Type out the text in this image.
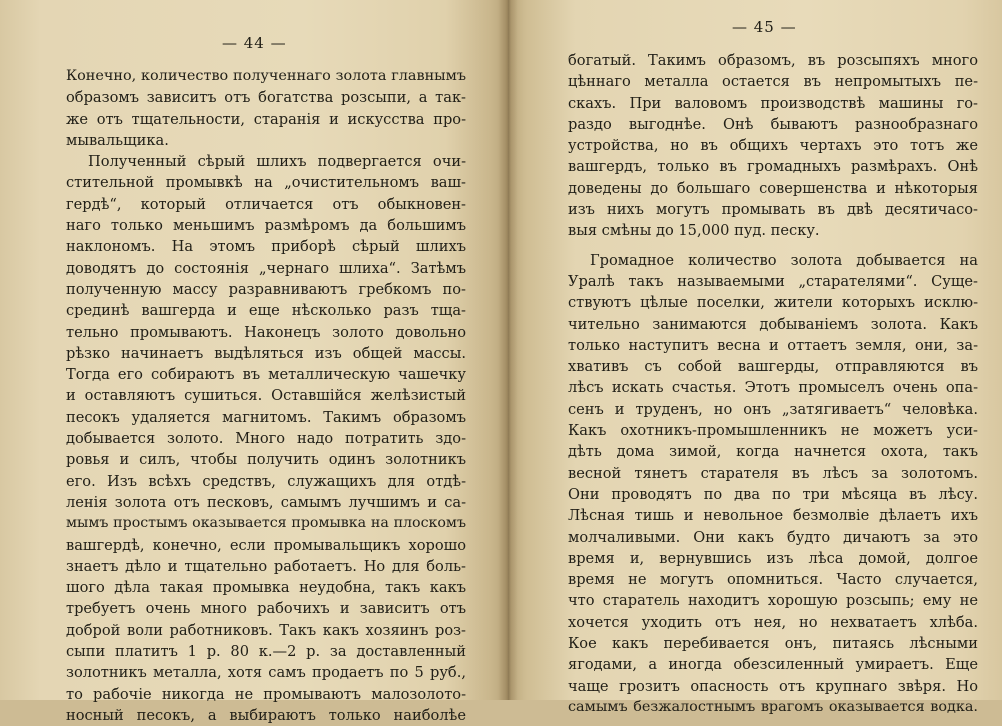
— 44 —
Конечно, количество полученнаго золота главнымъ
образомъ зависитъ отъ богатства розсыпи, а так-
же отъ тщательности, старанія и искусства про-
мывальщика.
Полученный сѣрый шлихъ подвергается очи-
стительной промывкѣ на „очистительномъ ваш-
гердѣ“, который отличается отъ обыкновен-
наго только меньшимъ размѣромъ да большимъ
наклономъ. На этомъ приборѣ сѣрый шлихъ
доводятъ до состоянія „чернаго шлиха“. Затѣмъ
полученную массу разравниваютъ гребкомъ по-
срединѣ вашгерда и еще нѣсколько разъ тща-
тельно промываютъ. Наконецъ золото довольно
рѣзко начинаетъ выдѣляться изъ общей массы.
Тогда его собираютъ въ металлическую чашечку
и оставляютъ сушиться. Оставшійся желѣзистый
песокъ удаляется магнитомъ. Такимъ образомъ
добывается золото. Много надо потратить здо-
ровья и силъ, чтобы получить одинъ золотникъ
его. Изъ всѣхъ средствъ, служащихъ для отдѣ-
ленія золота отъ песковъ, самымъ лучшимъ и са-
мымъ простымъ оказывается промывка на плоскомъ
вашгердѣ, конечно, если промывальщикъ хорошо
знаетъ дѣло и тщательно работаетъ. Но для боль-
шого дѣла такая промывка неудобна, такъ какъ
требуетъ очень много рабочихъ и зависитъ отъ
доброй воли работниковъ. Такъ какъ хозяинъ роз-
сыпи платитъ 1 р. 80 к.—2 р. за доставленный
золотникъ металла, хотя самъ продаетъ по 5 руб.,
то рабочіе никогда не промываютъ малозолото-
носный песокъ, а выбираютъ только наиболѣе
— 45 —
богатый. Такимъ образомъ, въ розсыпяхъ много
цѣннаго металла остается въ непромытыхъ пе-
скахъ. При валовомъ производствѣ машины го-
раздо выгоднѣе. Онѣ бываютъ разнообразнаго
устройства, но въ общихъ чертахъ это тотъ же
вашгердъ, только въ громадныхъ размѣрахъ. Онѣ
доведены до большаго совершенства и нѣкоторыя
изъ нихъ могутъ промывать въ двѣ десятичасо-
выя смѣны до 15,000 пуд. песку.
Громадное количество золота добывается на
Уралѣ такъ называемыми „старателями“. Суще-
ствуютъ цѣлые поселки, жители которыхъ исклю-
чительно занимаются добываніемъ золота. Какъ
только наступитъ весна и оттаетъ земля, они, за-
хвативъ съ собой вашгерды, отправляются въ
лѣсъ искать счастья. Этотъ промыселъ очень опа-
сенъ и труденъ, но онъ „затягиваетъ“ человѣка.
Какъ охотникъ-промышленникъ не можетъ уси-
дѣть дома зимой, когда начнется охота, такъ
весной тянетъ старателя въ лѣсъ за золотомъ.
Они проводятъ по два по три мѣсяца въ лѣсу.
Лѣсная тишь и невольное безмолвіе дѣлаетъ ихъ
молчаливыми. Они какъ будто дичаютъ за это
время и, вернувшись изъ лѣса домой, долгое
время не могутъ опомниться. Часто случается,
что старатель находитъ хорошую розсыпь; ему не
хочется уходить отъ нея, но нехватаетъ хлѣба.
Кое какъ перебивается онъ, питаясь лѣсными
ягодами, а иногда обезсиленный умираетъ. Еще
чаще грозитъ опасность отъ крупнаго звѣря. Но
самымъ безжалостнымъ врагомъ оказывается водка.
